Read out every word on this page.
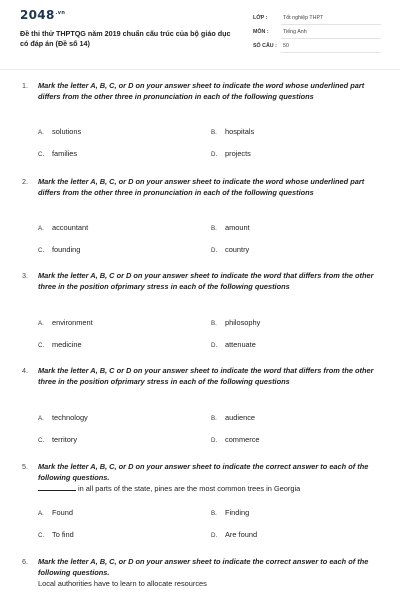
$2048^{.vn}$
Đề thi thử THPTQG năm 2019 chuẩn cấu trúc của bộ giáo dục có đáp án (Đề số 14)
LỚP :	Tốt nghiệp THPT
MÔN :	Tiếng Anh
SỐ CÂU : 50
1. Mark the letter A, B, C, or D on your answer sheet to indicate the word whose underlined part differs from the other three in pronunciation in each of the following questions
A. solutions	B. hospitals
C. families	D. projects
2. Mark the letter A, B, C, or D on your answer sheet to indicate the word whose underlined part differs from the other three in pronunciation in each of the following questions
A. accountant	B. amount
C. founding	D. country
3. Mark the letter A, B, C or D on your answer sheet to indicate the word that differs from the other three in the position ofprimary stress in each of the following questions
A. environment	B. philosophy
C. medicine	D. attenuate
4. Mark the letter A, B, C or D on your answer sheet to indicate the word that differs from the other three in the position ofprimary stress in each of the following questions
A. technology	B. audience
C. territory	D. commerce
5. Mark the letter A, B, C, or D on your answer sheet to indicate the correct answer to each of the following questions.
in all parts of the state, pines are the most common trees in Georgia
A. Found	B. Finding
C. To find	D. Are found
6. Mark the letter A, B, C, or D on your answer sheet to indicate the correct answer to each of the following questions.
Local authorities have to learn to allocate resources
